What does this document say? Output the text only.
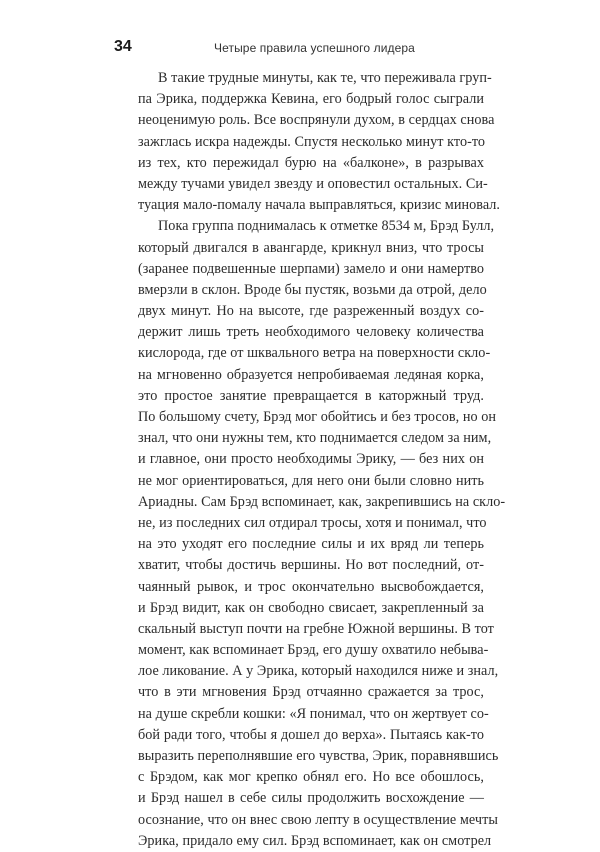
34	Четыре правила успешного лидера
В такие трудные минуты, как те, что переживала груп-
па Эрика, поддержка Кевина, его бодрый голос сыграли
неоценимую роль. Все воспрянули духом, в сердцах снова
зажглась искра надежды. Спустя несколько минут кто-то
из тех, кто пережидал бурю на «балконе», в разрывах
между тучами увидел звезду и оповестил остальных. Си-
туация мало-помалу начала выправляться, кризис миновал.
Пока группа поднималась к отметке 8534 м, Брэд Булл,
который двигался в авангарде, крикнул вниз, что тросы
(заранее подвешенные шерпами) замело и они намертво
вмерзли в склон. Вроде бы пустяк, возьми да отрой, дело
двух минут. Но на высоте, где разреженный воздух со-
держит лишь треть необходимого человеку количества
кислорода, где от шквального ветра на поверхности скло-
на мгновенно образуется непробиваемая ледяная корка,
это простое занятие превращается в каторжный труд.
По большому счету, Брэд мог обойтись и без тросов, но он
знал, что они нужны тем, кто поднимается следом за ним,
и главное, они просто необходимы Эрику, — без них он
не мог ориентироваться, для него они были словно нить
Ариадны. Сам Брэд вспоминает, как, закрепившись на скло-
не, из последних сил отдирал тросы, хотя и понимал, что
на это уходят его последние силы и их вряд ли теперь
хватит, чтобы достичь вершины. Но вот последний, от-
чаянный рывок, и трос окончательно высвобождается,
и Брэд видит, как он свободно свисает, закрепленный за
скальный выступ почти на гребне Южной вершины. В тот
момент, как вспоминает Брэд, его душу охватило небыва-
лое ликование. А у Эрика, который находился ниже и знал,
что в эти мгновения Брэд отчаянно сражается за трос,
на душе скребли кошки: «Я понимал, что он жертвует со-
бой ради того, чтобы я дошел до верха». Пытаясь как-то
выразить переполнявшие его чувства, Эрик, поравнявшись
с Брэдом, как мог крепко обнял его. Но все обошлось,
и Брэд нашел в себе силы продолжить восхождение —
осознание, что он внес свою лепту в осуществление мечты
Эрика, придало ему сил. Брэд вспоминает, как он смотрел
